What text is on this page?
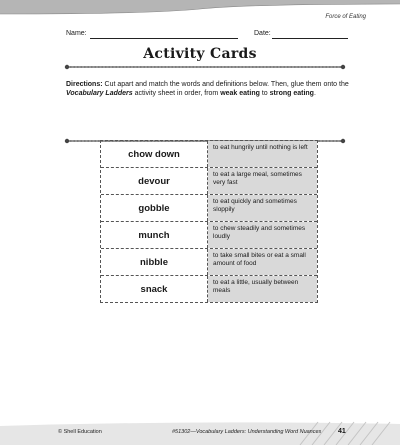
Force of Eating
Name:	Date:
Activity Cards
Directions: Cut apart and match the words and definitions below. Then, glue them onto the Vocabulary Ladders activity sheet in order, from weak eating to strong eating.
chow down
to eat hungrily until nothing is left
devour
to eat a large meal, sometimes very fast
gobble
to eat quickly and sometimes sloppily
munch
to chew steadily and sometimes loudly
nibble
to take small bites or eat a small amount of food
snack
to eat a little, usually between meals
© Shell Education	#51302—Vocabulary Ladders: Understanding Word Nuances 41
